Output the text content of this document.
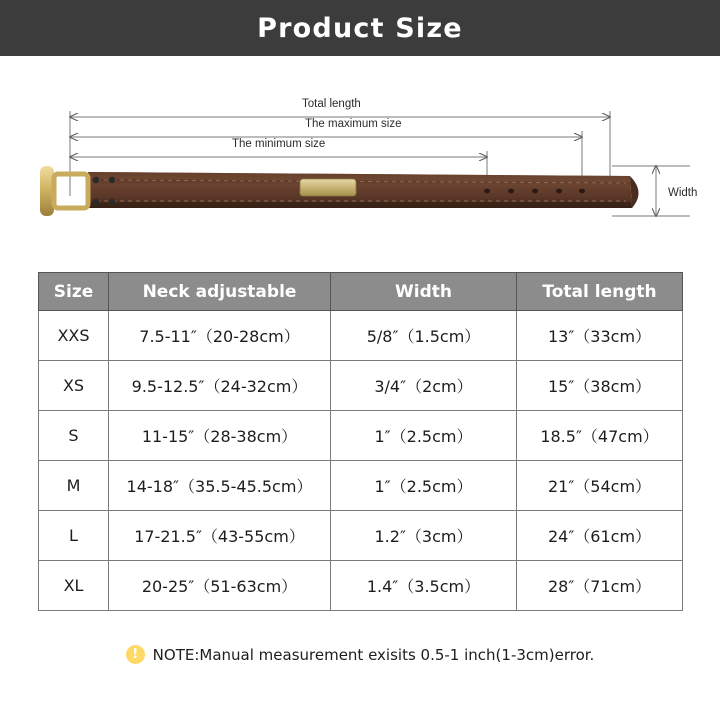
Product Size
Total length
The maximum size
The minimum size
Width
Size	Neck adjustable	Width	Total length
XXS	7.5-11″（20-28cm）	5/8″（1.5cm）	13″（33cm）
XS	9.5-12.5″（24-32cm）	3/4″（2cm）	15″（38cm）
S	11-15″（28-38cm）	1″（2.5cm）	18.5″（47cm）
M	14-18″（35.5-45.5cm）	1″（2.5cm）	21″（54cm）
L	17-21.5″（43-55cm）	1.2″（3cm）	24″（61cm）
XL	20-25″（51-63cm）	1.4″（3.5cm）	28″（71cm）
! NOTE:Manual measurement exisits 0.5-1 inch(1-3cm)error.
